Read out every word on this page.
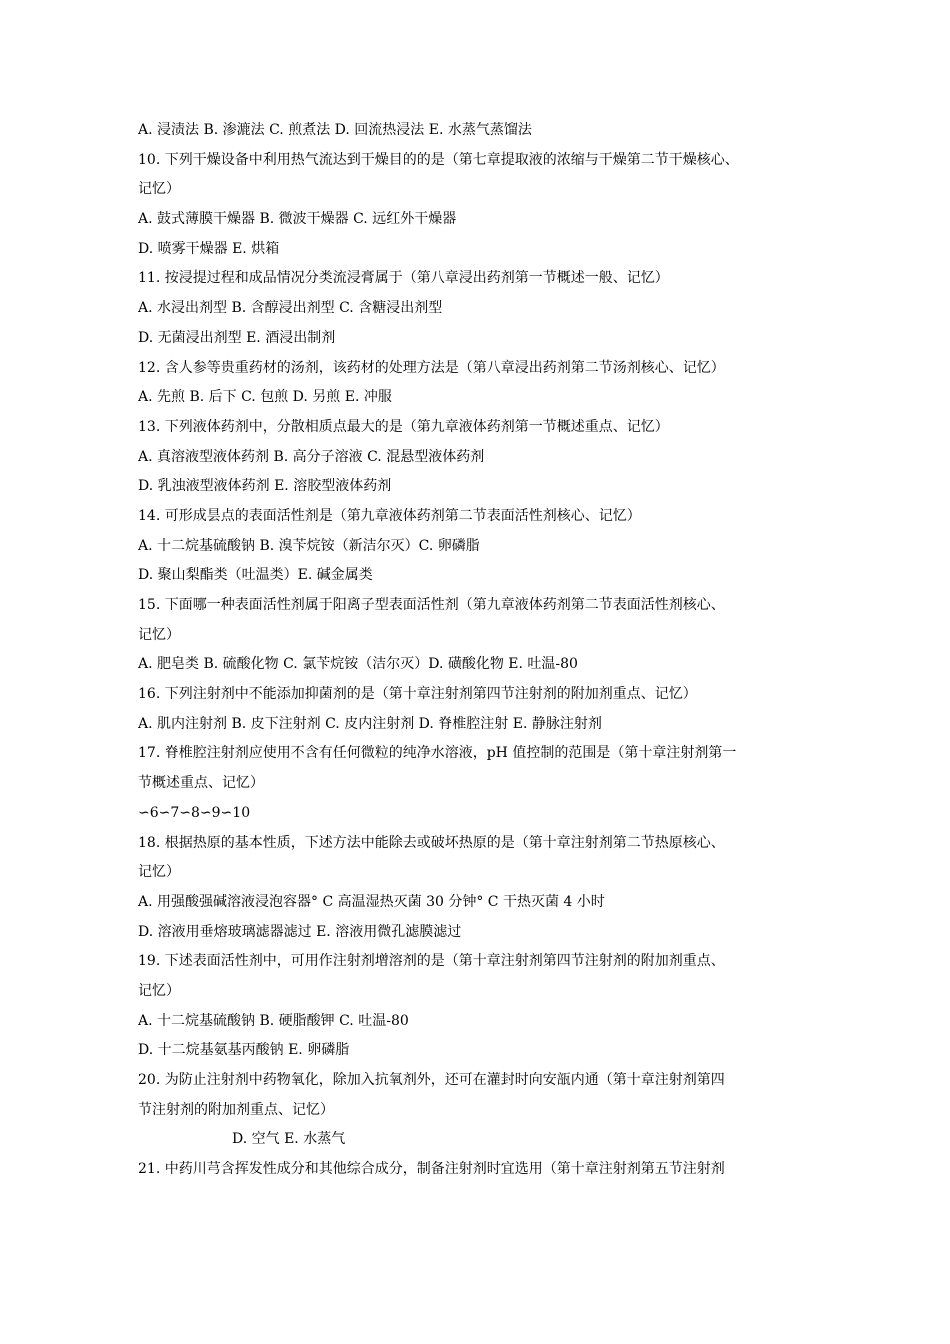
A. 浸渍法 B. 渗漉法 C. 煎煮法 D. 回流热浸法 E. 水蒸气蒸馏法
10. 下列干燥设备中利用热气流达到干燥目的的是（第七章提取液的浓缩与干燥第二节干燥核心、
记忆）
A. 鼓式薄膜干燥器 B. 微波干燥器 C. 远红外干燥器
D. 喷雾干燥器 E. 烘箱
11. 按浸提过程和成品情况分类流浸膏属于（第八章浸出药剂第一节概述一般、记忆）
A. 水浸出剂型 B. 含醇浸出剂型 C. 含糖浸出剂型
D. 无菌浸出剂型 E. 酒浸出制剂
12. 含人参等贵重药材的汤剂，该药材的处理方法是（第八章浸出药剂第二节汤剂核心、记忆）
A. 先煎 B. 后下 C. 包煎 D. 另煎 E. 冲服
13. 下列液体药剂中，分散相质点最大的是（第九章液体药剂第一节概述重点、记忆）
A. 真溶液型液体药剂 B. 高分子溶液 C. 混悬型液体药剂
D. 乳浊液型液体药剂 E. 溶胶型液体药剂
14. 可形成昙点的表面活性剂是（第九章液体药剂第二节表面活性剂核心、记忆）
A. 十二烷基硫酸钠 B. 溴苄烷铵（新洁尔灭）C. 卵磷脂
D. 聚山梨酯类（吐温类）E. 碱金属类
15. 下面哪一种表面活性剂属于阳离子型表面活性剂（第九章液体药剂第二节表面活性剂核心、
记忆）
A. 肥皂类 B. 硫酸化物 C. 氯苄烷铵（洁尔灭）D. 磺酸化物 E. 吐温-80
16. 下列注射剂中不能添加抑菌剂的是（第十章注射剂第四节注射剂的附加剂重点、记忆）
A. 肌内注射剂 B. 皮下注射剂 C. 皮内注射剂 D. 脊椎腔注射 E. 静脉注射剂
17. 脊椎腔注射剂应使用不含有任何微粒的纯净水溶液，pH 值控制的范围是（第十章注射剂第一
节概述重点、记忆）
∽6∽7∽8∽9∽10
18. 根据热原的基本性质，下述方法中能除去或破坏热原的是（第十章注射剂第二节热原核心、
记忆）
A. 用强酸强碱溶液浸泡容器° C 高温湿热灭菌 30 分钟° C 干热灭菌 4 小时
D. 溶液用垂熔玻璃滤器滤过 E. 溶液用微孔滤膜滤过
19. 下述表面活性剂中，可用作注射剂增溶剂的是（第十章注射剂第四节注射剂的附加剂重点、
记忆）
A. 十二烷基硫酸钠 B. 硬脂酸钾 C. 吐温-80
D. 十二烷基氨基丙酸钠 E. 卵磷脂
20. 为防止注射剂中药物氧化，除加入抗氧剂外，还可在灌封时向安瓿内通（第十章注射剂第四
节注射剂的附加剂重点、记忆）
D. 空气 E. 水蒸气
21. 中药川芎含挥发性成分和其他综合成分，制备注射剂时宜选用（第十章注射剂第五节注射剂
